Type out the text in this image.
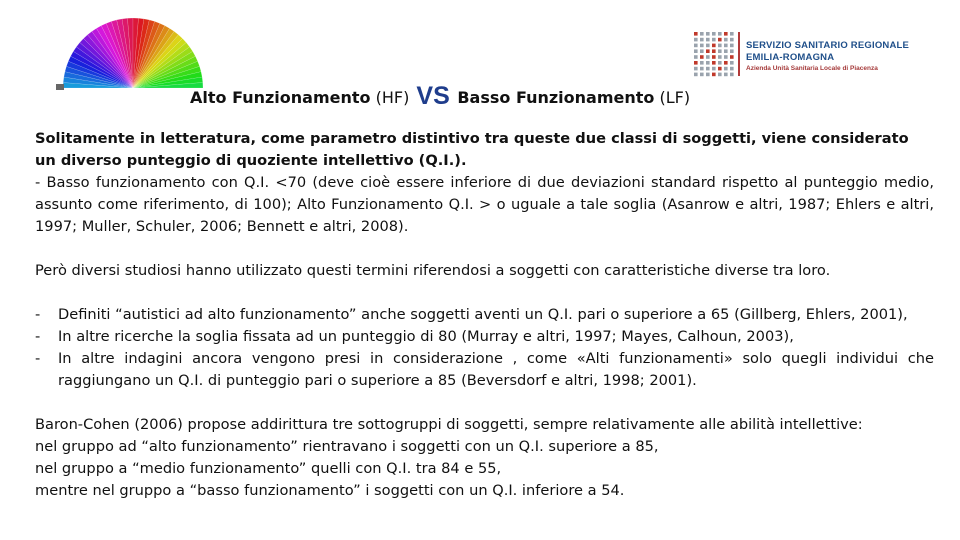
SERVIZIO SANITARIO REGIONALE
EMILIA-ROMAGNA
Azienda Unità Sanitaria Locale di Piacenza
Alto Funzionamento (HF) VS Basso Funzionamento (LF)

Solitamente in letteratura, come parametro distintivo tra queste due classi di soggetti, viene considerato un diverso punteggio di quoziente intellettivo (Q.I.).

- Basso funzionamento con Q.I. <70 (deve cioè essere inferiore di due deviazioni standard rispetto al punteggio medio, assunto come riferimento, di 100); Alto Funzionamento Q.I. > o uguale a tale soglia (Asanrow e altri, 1987; Ehlers e altri, 1997; Muller, Schuler, 2006; Bennett e altri, 2008).

Però diversi studiosi hanno utilizzato questi termini riferendosi a soggetti con caratteristiche diverse tra loro.

- Definiti “autistici ad alto funzionamento” anche soggetti aventi un Q.I. pari o superiore a 65 (Gillberg, Ehlers, 2001),
- In altre ricerche la soglia fissata ad un punteggio di 80 (Murray e altri, 1997; Mayes, Calhoun, 2003),
- In altre indagini ancora vengono presi in considerazione , come «Alti funzionamenti» solo quegli individui che raggiungano un Q.I. di punteggio pari o superiore a 85 (Beversdorf e altri, 1998; 2001).

Baron-Cohen (2006) propose addirittura tre sottogruppi di soggetti, sempre relativamente alle abilità intellettive:

nel gruppo ad “alto funzionamento” rientravano i soggetti con un Q.I. superiore a 85,

nel gruppo a “medio funzionamento” quelli con Q.I. tra 84 e 55,

mentre nel gruppo a “basso funzionamento” i soggetti con un Q.I. inferiore a 54.
